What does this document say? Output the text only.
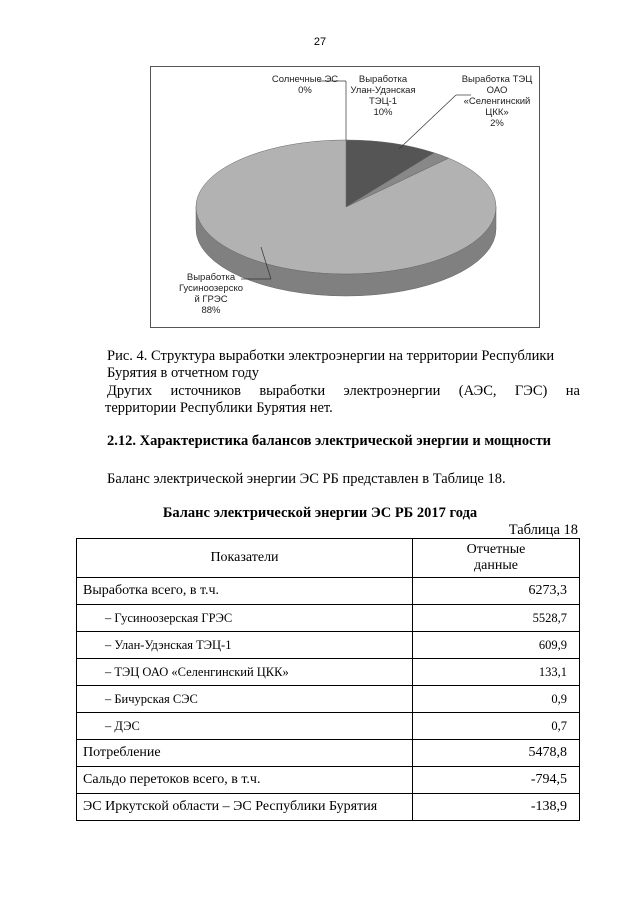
27
Солнечные ЭС
0%
Выработка
Улан-Удэнская
ТЭЦ-1
10%
Выработка ТЭЦ
ОАО
«Селенгинский
ЦКК»
2%
Выработка
Гусиноозерско
й ГРЭС
88%
Рис. 4. Структура выработки электроэнергии на территории Республики Бурятия в отчетном году
Других источников выработки электроэнергии (АЭС, ГЭС) на
территории Республики Бурятия нет.
2.12. Характеристика балансов электрической энергии и мощности
Баланс электрической энергии ЭС РБ представлен в Таблице 18.
Баланс электрической энергии ЭС РБ 2017 года
Таблица 18
Показатели	Отчетные
данные

Выработка всего, в т.ч.	6273,3
– Гусиноозерская ГРЭС	5528,7
– Улан-Удэнская ТЭЦ-1	609,9
– ТЭЦ ОАО «Селенгинский ЦКК»	133,1
– Бичурская СЭС	0,9
– ДЭС	0,7
Потребление	5478,8
Сальдо перетоков всего, в т.ч.	-794,5
ЭС Иркутской области – ЭС Республики Бурятия	-138,9
